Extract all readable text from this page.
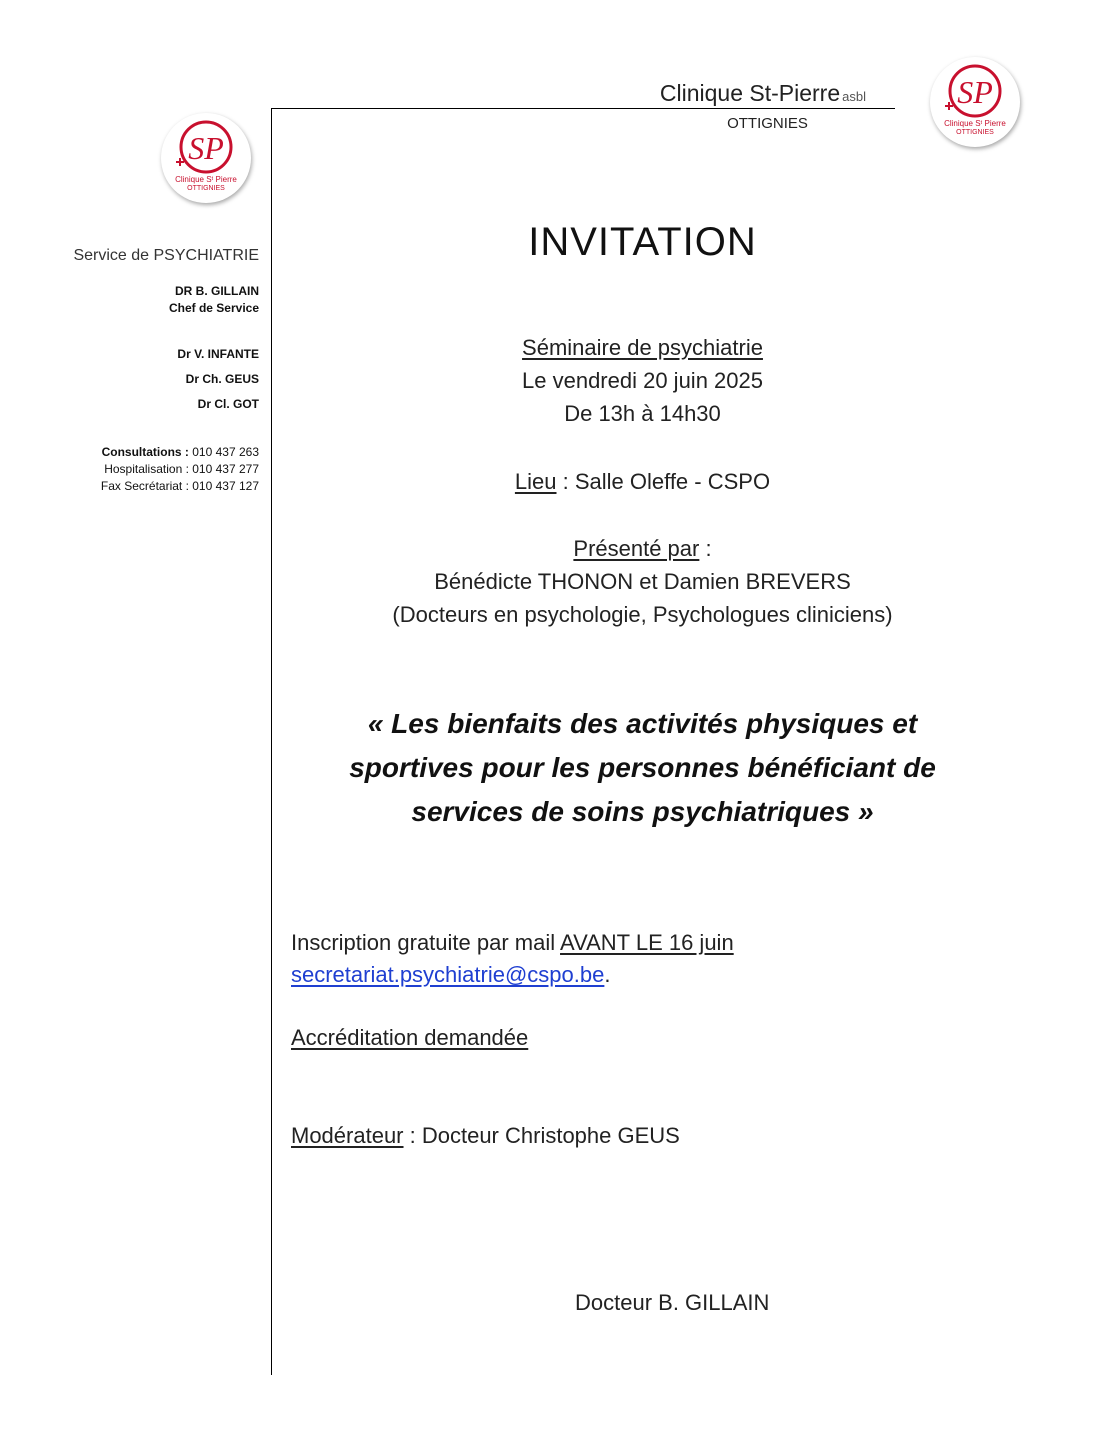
SP
Clinique Sᵗ Pierre
OTTIGNIES
SP
Clinique Sᵗ Pierre
OTTIGNIES
Clinique St-Pierre asbl
OTTIGNIES
Service de PSYCHIATRIE
DR B. GILLAIN
Chef de Service
Dr V. INFANTE
Dr Ch. GEUS
Dr Cl. GOT
Consultations : 010 437 263
Hospitalisation : 010 437 277
Fax Secrétariat : 010 437 127
INVITATION
Séminaire de psychiatrie
Le vendredi 20 juin 2025
De 13h à 14h30
Lieu : Salle Oleffe - CSPO
Présenté par :
Bénédicte THONON et Damien BREVERS
(Docteurs en psychologie, Psychologues cliniciens)
« Les bienfaits des activités physiques et
sportives pour les personnes bénéficiant de
services de soins psychiatriques »
Inscription gratuite par mail AVANT LE 16 juin
secretariat.psychiatrie@cspo.be.
Accréditation demandée
Modérateur : Docteur Christophe GEUS
Docteur B. GILLAIN
